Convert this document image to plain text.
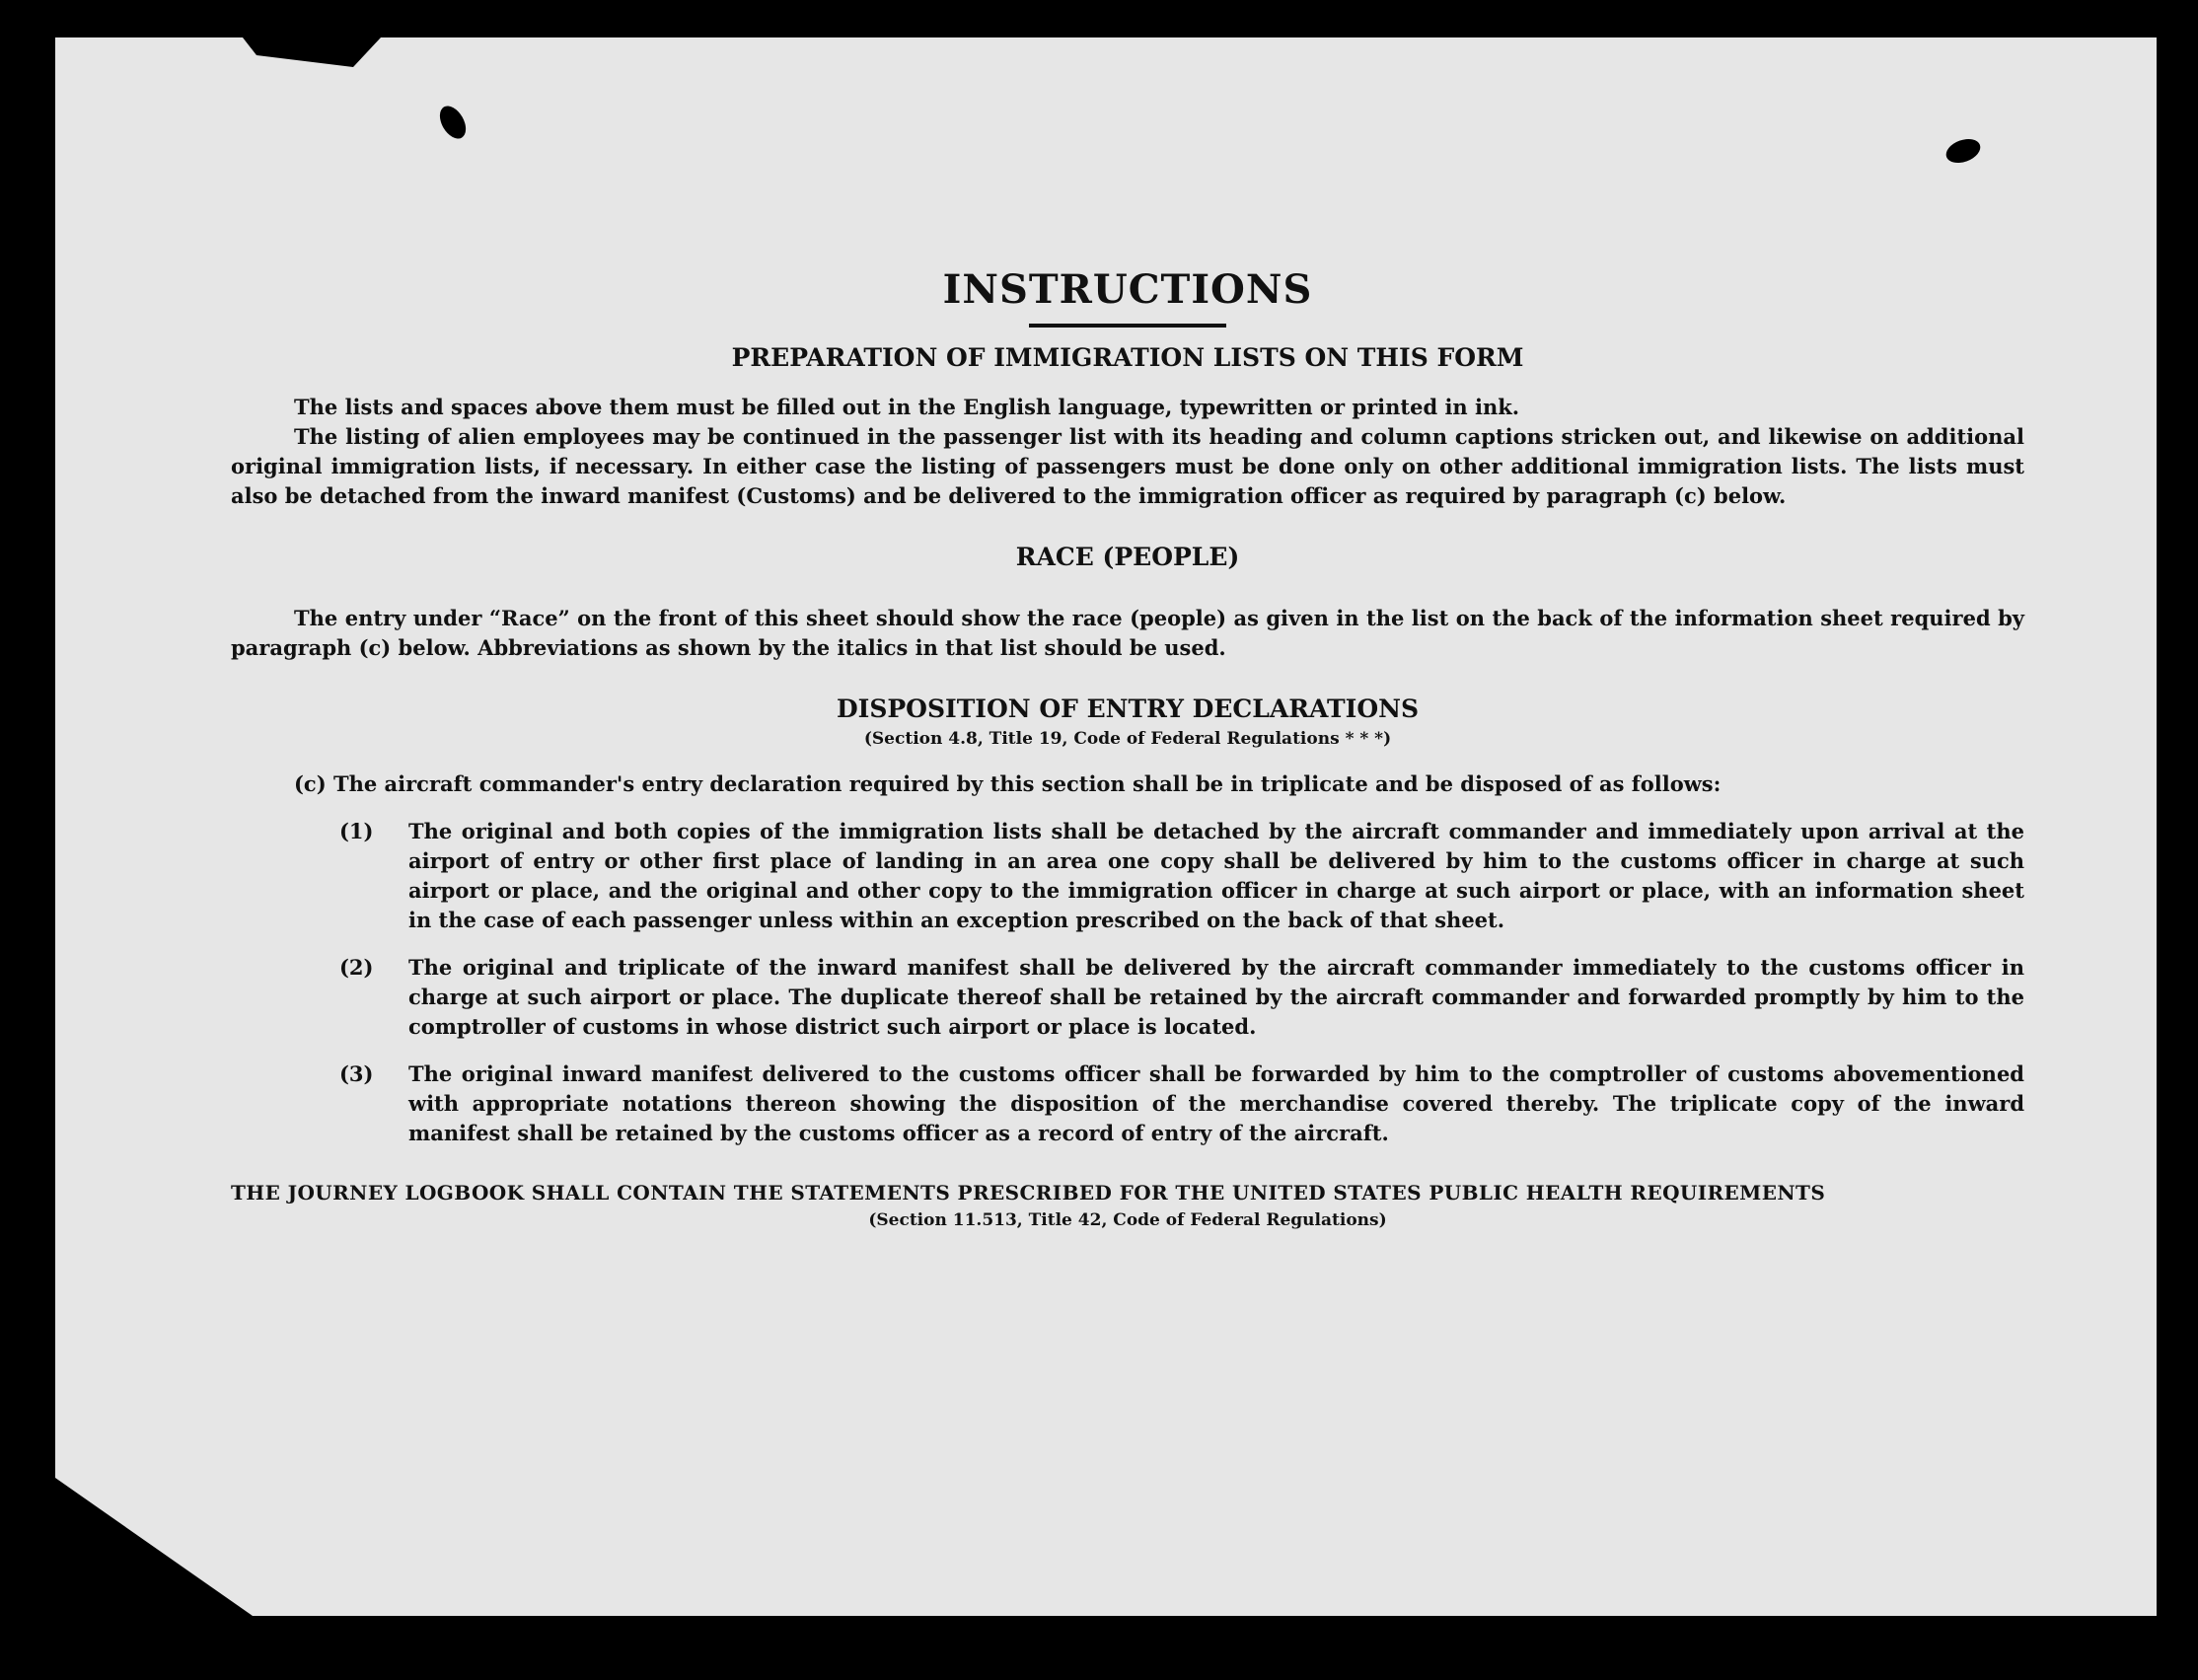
INSTRUCTIONS
PREPARATION OF IMMIGRATION LISTS ON THIS FORM

The lists and spaces above them must be filled out in the English language, typewritten or printed in ink.

The listing of alien employees may be continued in the passenger list with its heading and column captions stricken out, and likewise on additional original immigration lists, if necessary. In either case the listing of passengers must be done only on other additional immigration lists. The lists must also be detached from the inward manifest (Customs) and be delivered to the immigration officer as required by paragraph (c) below.

RACE (PEOPLE)

The entry under “Race” on the front of this sheet should show the race (people) as given in the list on the back of the information sheet required by paragraph (c) below. Abbreviations as shown by the italics in that list should be used.

DISPOSITION OF ENTRY DECLARATIONS

(Section 4.8, Title 19, Code of Federal Regulations * * *)

(c) The aircraft commander's entry declaration required by this section shall be in triplicate and be disposed of as follows:

(1) The original and both copies of the immigration lists shall be detached by the aircraft commander and immediately upon arrival at the airport of entry or other first place of landing in an area one copy shall be delivered by him to the customs officer in charge at such airport or place, and the original and other copy to the immigration officer in charge at such airport or place, with an information sheet in the case of each passenger unless within an exception prescribed on the back of that sheet.
(2) The original and triplicate of the inward manifest shall be delivered by the aircraft commander immediately to the customs officer in charge at such airport or place. The duplicate thereof shall be retained by the aircraft commander and forwarded promptly by him to the comptroller of customs in whose district such airport or place is located.
(3) The original inward manifest delivered to the customs officer shall be forwarded by him to the comptroller of customs abovementioned with appropriate notations thereon showing the disposition of the merchandise covered thereby. The triplicate copy of the inward manifest shall be retained by the customs officer as a record of entry of the aircraft.

THE JOURNEY LOGBOOK SHALL CONTAIN THE STATEMENTS PRESCRIBED FOR THE UNITED STATES PUBLIC HEALTH REQUIREMENTS

(Section 11.513, Title 42, Code of Federal Regulations)
